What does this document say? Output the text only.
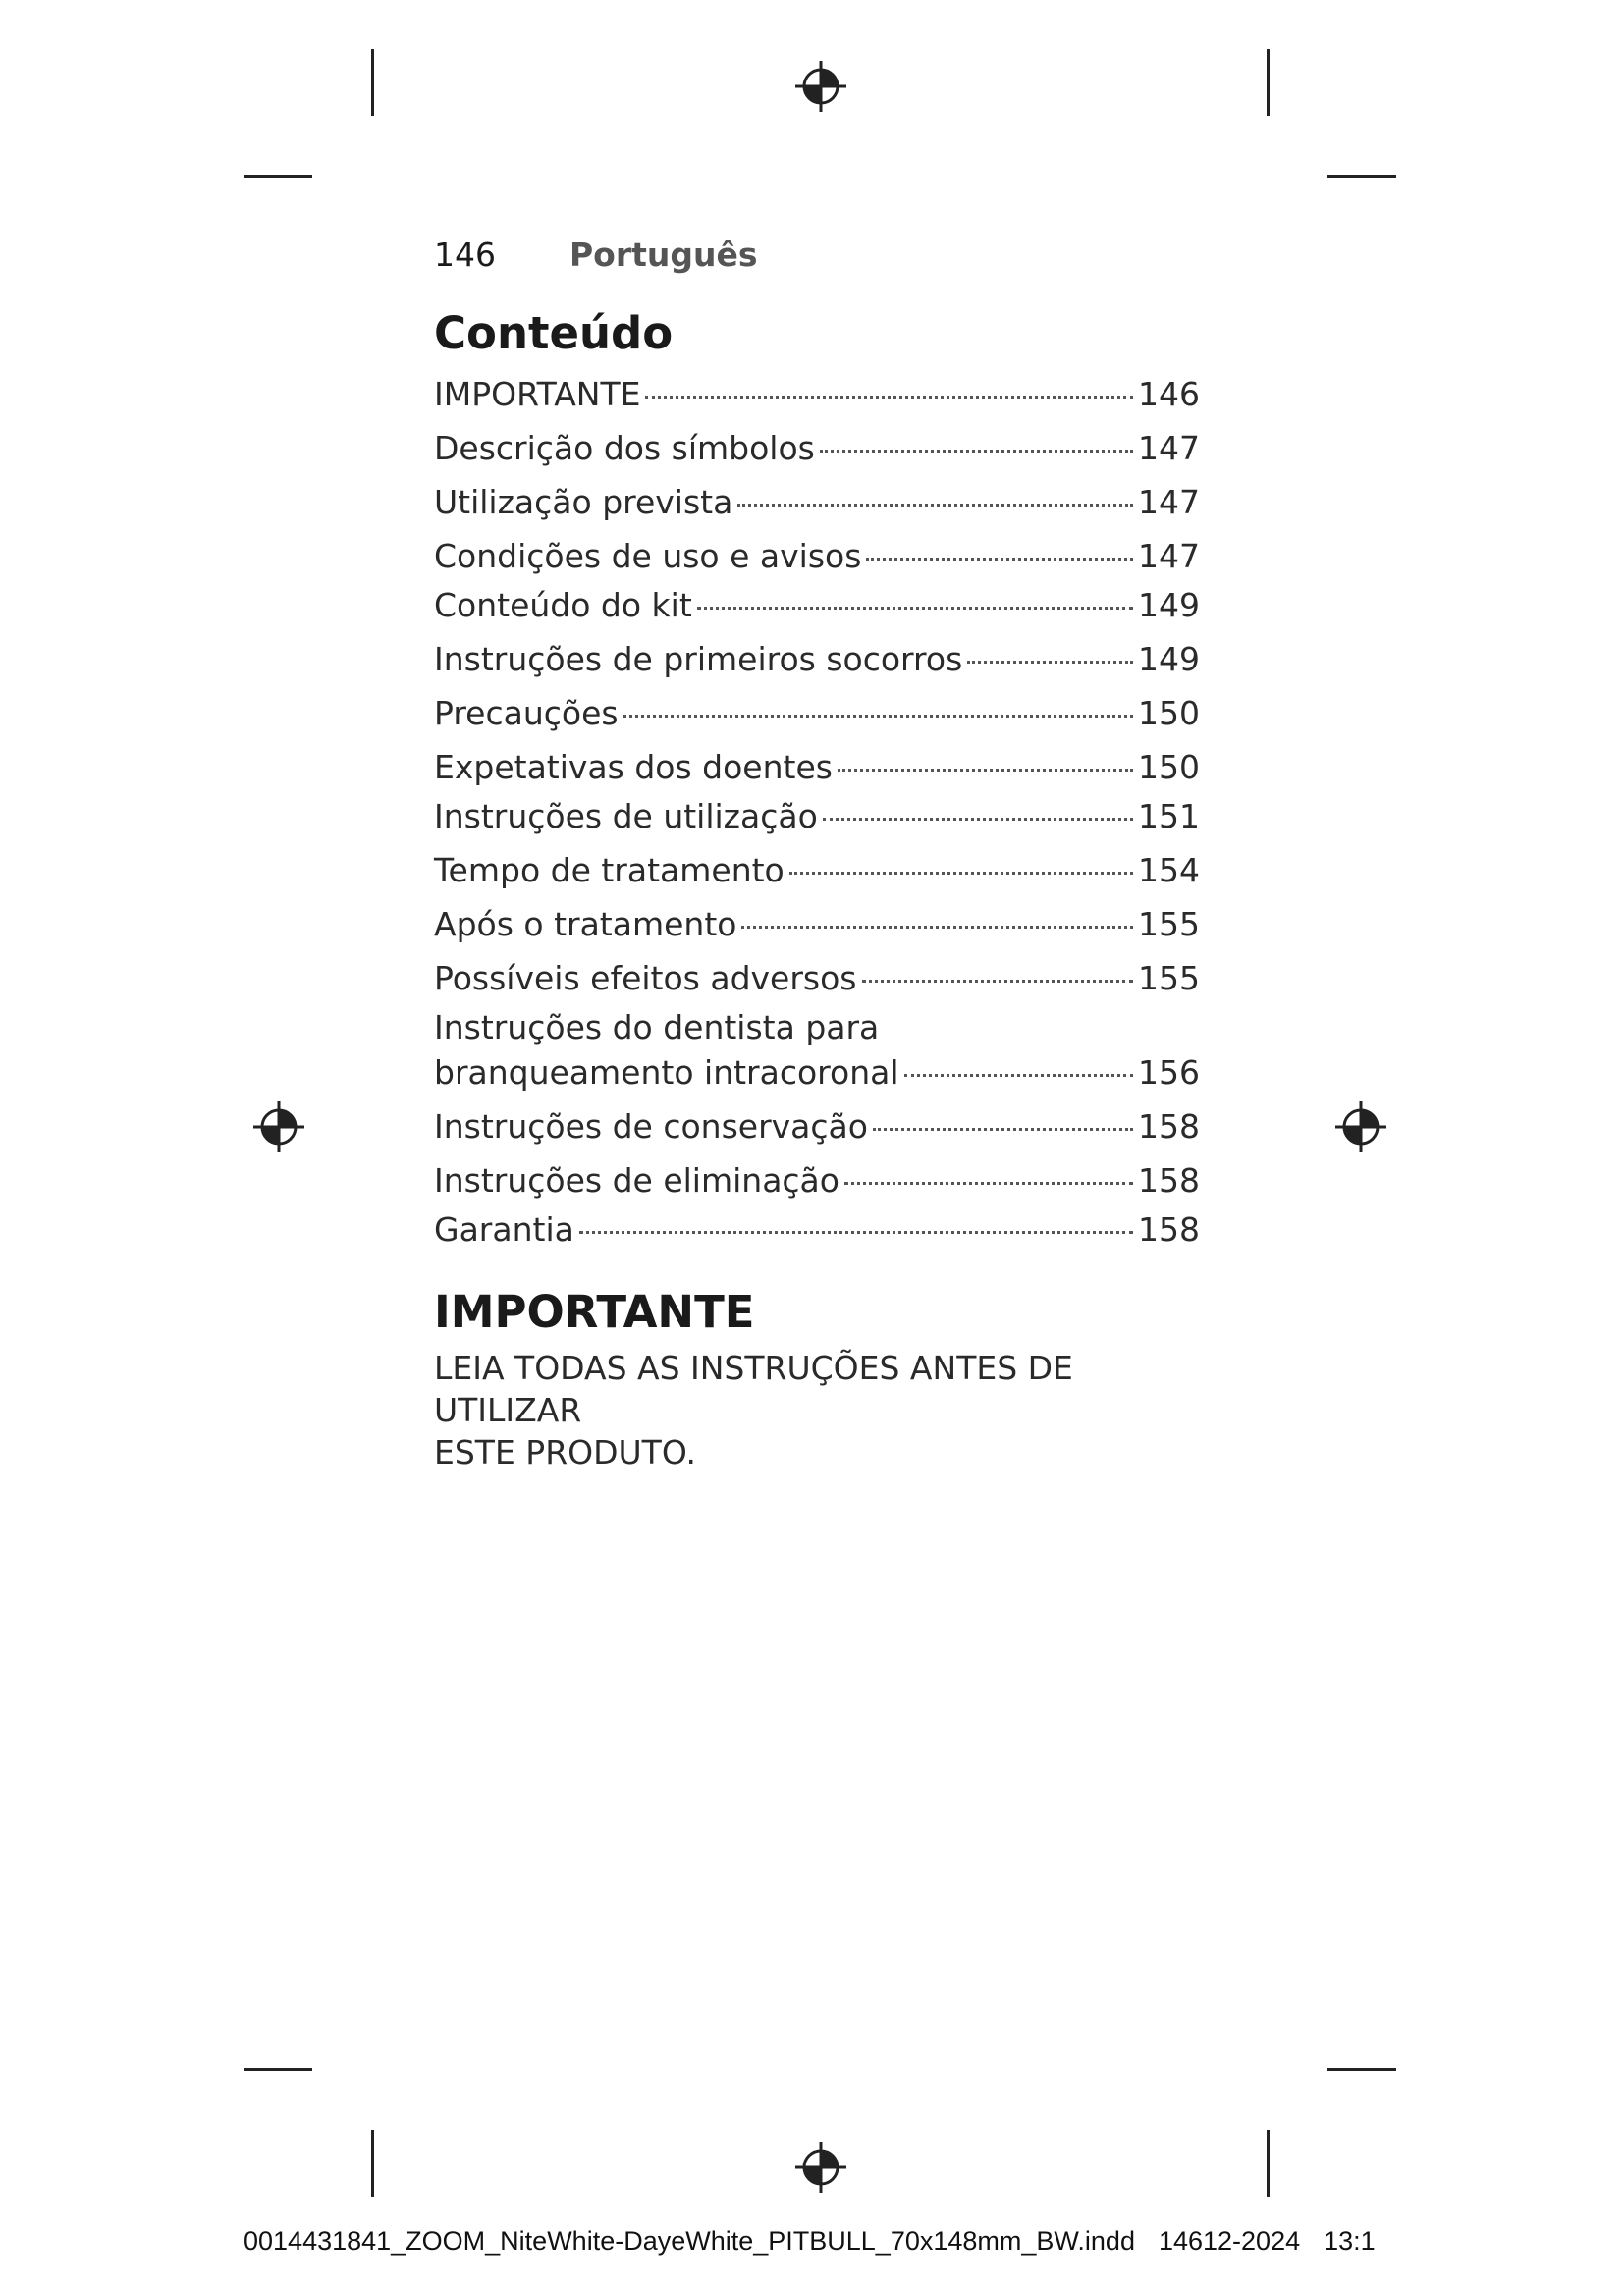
146 Português
Conteúdo
IMPORTANTE	146
Descrição dos símbolos	147
Utilização prevista	147
Condições de uso e avisos	147
Conteúdo do kit	149
Instruções de primeiros socorros	149
Precauções	150
Expetativas dos doentes	150
Instruções de utilização	151
Tempo de tratamento	154
Após o tratamento	155
Possíveis efeitos adversos	155
Instruções do dentista para
branqueamento intracoronal	156
Instruções de conservação	158
Instruções de eliminação	158
Garantia	158
IMPORTANTE
LEIA TODAS AS INSTRUÇÕES ANTES DE UTILIZAR
ESTE PRODUTO.
0014431841_ZOOM_NiteWhite-DayeWhite_PITBULL_70x148mm_BW.indd 14612-2024 13:1
